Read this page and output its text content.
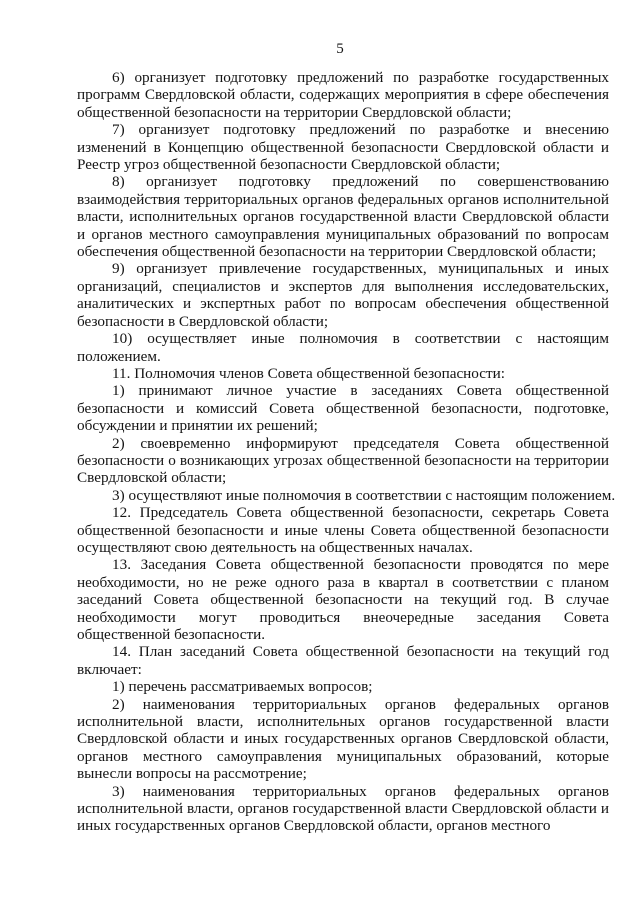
5

6) организует подготовку предложений по разработке государственных программ Свердловской области, содержащих мероприятия в сфере обеспечения общественной безопасности на территории Свердловской области;

7) организует подготовку предложений по разработке и внесению изменений в Концепцию общественной безопасности Свердловской области и Реестр угроз общественной безопасности Свердловской области;

8) организует подготовку предложений по совершенствованию взаимодействия территориальных органов федеральных органов исполнительной власти, исполнительных органов государственной власти Свердловской области и органов местного самоуправления муниципальных образований по вопросам обеспечения общественной безопасности на территории Свердловской области;

9) организует привлечение государственных, муниципальных и иных организаций, специалистов и экспертов для выполнения исследовательских, аналитических и экспертных работ по вопросам обеспечения общественной безопасности в Свердловской области;

10) осуществляет иные полномочия в соответствии с настоящим положением.

11. Полномочия членов Совета общественной безопасности:

1) принимают личное участие в заседаниях Совета общественной безопасности и комиссий Совета общественной безопасности, подготовке, обсуждении и принятии их решений;

2) своевременно информируют председателя Совета общественной безопасности о возникающих угрозах общественной безопасности на территории Свердловской области;

3) осуществляют иные полномочия в соответствии с настоящим положением.

12. Председатель Совета общественной безопасности, секретарь Совета общественной безопасности и иные члены Совета общественной безопасности осуществляют свою деятельность на общественных началах.

13. Заседания Совета общественной безопасности проводятся по мере необходимости, но не реже одного раза в квартал в соответствии с планом заседаний Совета общественной безопасности на текущий год. В случае необходимости могут проводиться внеочередные заседания Совета общественной безопасности.

14. План заседаний Совета общественной безопасности на текущий год включает:

1) перечень рассматриваемых вопросов;

2) наименования территориальных органов федеральных органов исполнительной власти, исполнительных органов государственной власти Свердловской области и иных государственных органов Свердловской области, органов местного самоуправления муниципальных образований, которые вынесли вопросы на рассмотрение;

3) наименования территориальных органов федеральных органов исполнительной власти, органов государственной власти Свердловской области и иных государственных органов Свердловской области, органов местного
